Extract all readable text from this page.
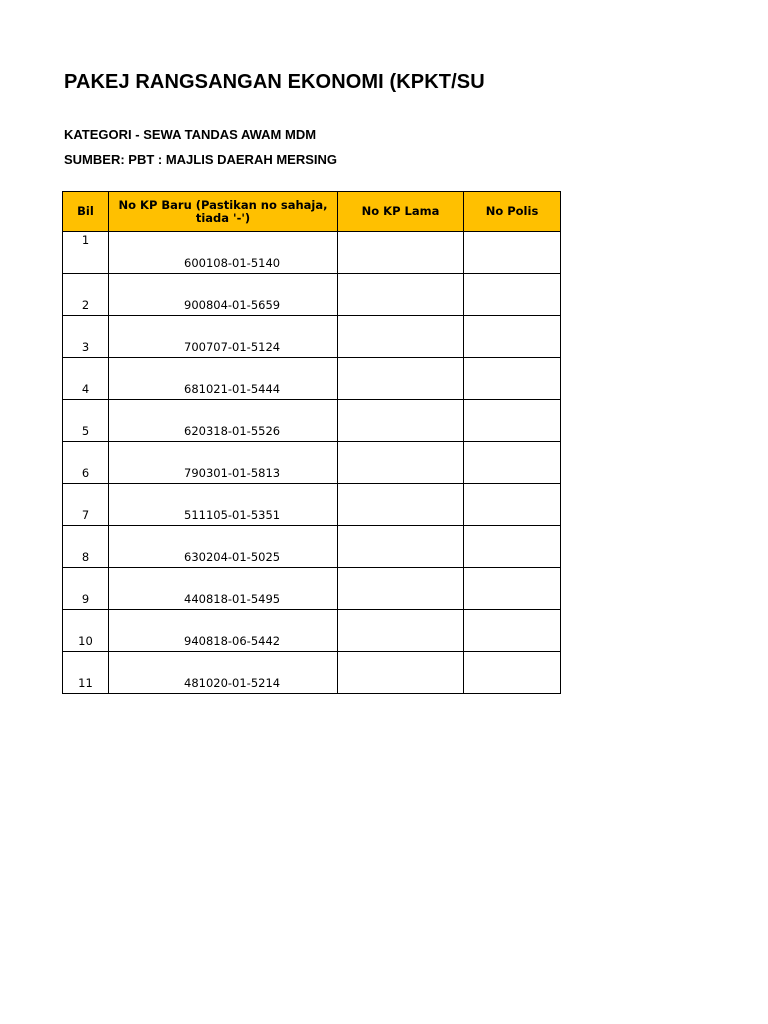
PAKEJ RANGSANGAN EKONOMI (KPKT/SU
KATEGORI - SEWA TANDAS AWAM MDM
SUMBER: PBT : MAJLIS DAERAH MERSING
Bil	No KP Baru (Pastikan no sahaja, tiada '-')	No KP Lama	No Polis
1	600108-01-5140		
2	900804-01-5659		
3	700707-01-5124		
4	681021-01-5444		
5	620318-01-5526		
6	790301-01-5813		
7	511105-01-5351		
8	630204-01-5025		
9	440818-01-5495		
10	940818-06-5442		
11	481020-01-5214		
